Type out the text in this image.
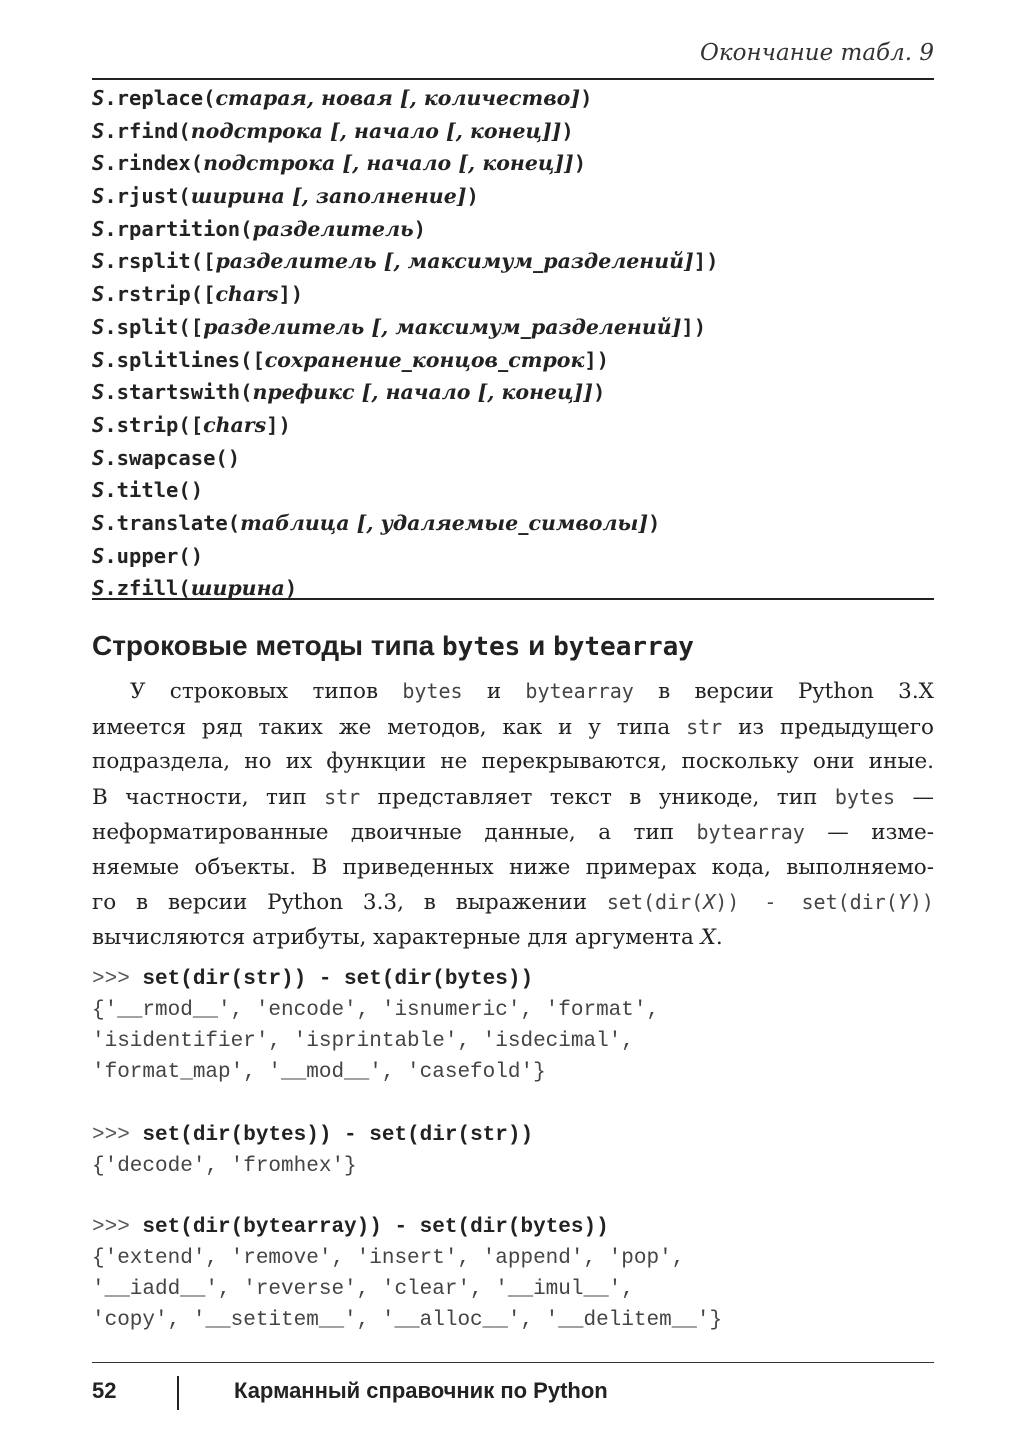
Окончание табл. 9
S.replace(старая, новая [, количество])
S.rfind(подстрока [, начало [, конец]])
S.rindex(подстрока [, начало [, конец]])
S.rjust(ширина [, заполнение])
S.rpartition(разделитель)
S.rsplit([разделитель [, максимум_разделений]])
S.rstrip([chars])
S.split([разделитель [, максимум_разделений]])
S.splitlines([сохранение_концов_строк])
S.startswith(префикс [, начало [, конец]])
S.strip([chars])
S.swapcase()
S.title()
S.translate(таблица [, удаляемые_символы])
S.upper()
S.zfill(ширина)
Строковые методы типа bytes и bytearray
У строковых типов bytes и bytearray в версии Python 3.X
имеется ряд таких же методов, как и у типа str из предыдущего
подраздела, но их функции не перекрываются, поскольку они иные.
В частности, тип str представляет текст в уникоде, тип bytes —
неформатированные двоичные данные, а тип bytearray — изме-
няемые объекты. В приведенных ниже примерах кода, выполняемо-
го в версии Python 3.3, в выражении set(dir(X)) - set(dir(Y))
вычисляются атрибуты, характерные для аргумента X.
>>> set(dir(str)) - set(dir(bytes))
{'__rmod__', 'encode', 'isnumeric', 'format',
'isidentifier', 'isprintable', 'isdecimal',
'format_map', '__mod__', 'casefold'}
>>> set(dir(bytes)) - set(dir(str))
{'decode', 'fromhex'}
>>> set(dir(bytearray)) - set(dir(bytes))
{'extend', 'remove', 'insert', 'append', 'pop',
'__iadd__', 'reverse', 'clear', '__imul__',
'copy', '__setitem__', '__alloc__', '__delitem__'}
52	Карманный справочник по Python
